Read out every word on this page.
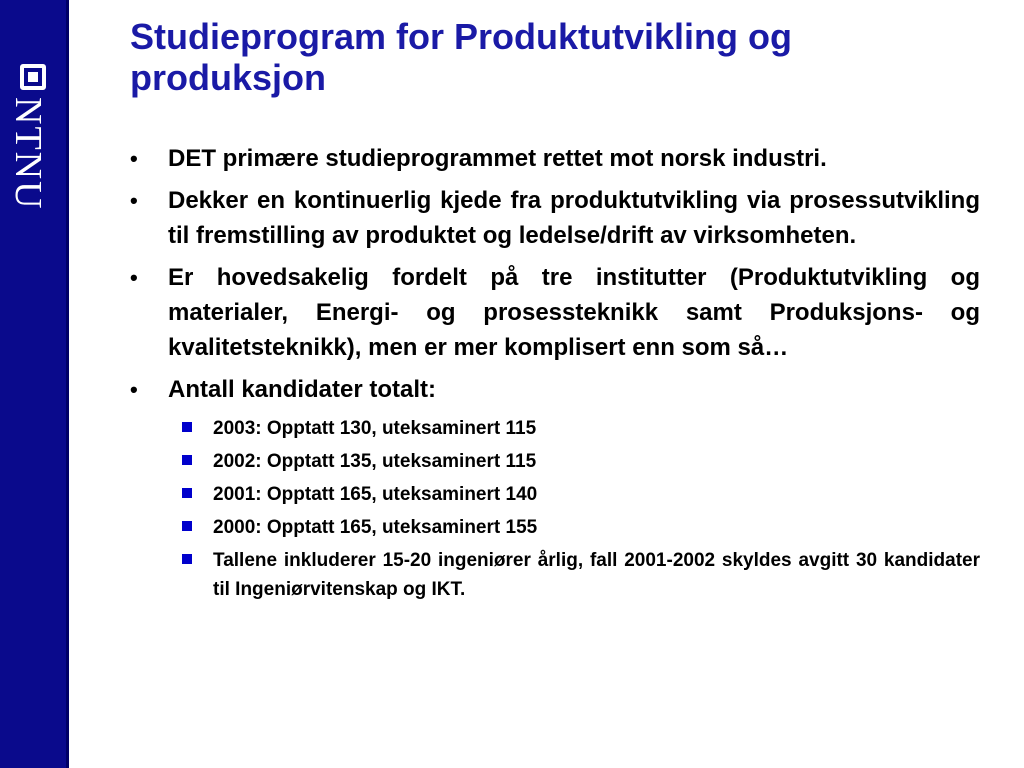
NTNU
Studieprogram for Produktutvikling og produksjon
• DET primære studieprogrammet rettet mot norsk industri.
• Dekker en kontinuerlig kjede fra produktutvikling via prosessutvikling til fremstilling av produktet og ledelse/drift av virksomheten.
• Er hovedsakelig fordelt på tre institutter (Produktutvikling og materialer, Energi- og prosessteknikk samt Produksjons- og kvalitetsteknikk), men er mer komplisert enn som så…
• Antall kandidater totalt:
2003: Opptatt 130, uteksaminert 115
2002: Opptatt 135, uteksaminert 115
2001: Opptatt 165, uteksaminert 140
2000: Opptatt 165, uteksaminert 155
Tallene inkluderer 15-20 ingeniører årlig, fall 2001-2002 skyldes avgitt 30 kandidater til Ingeniørvitenskap og IKT.
